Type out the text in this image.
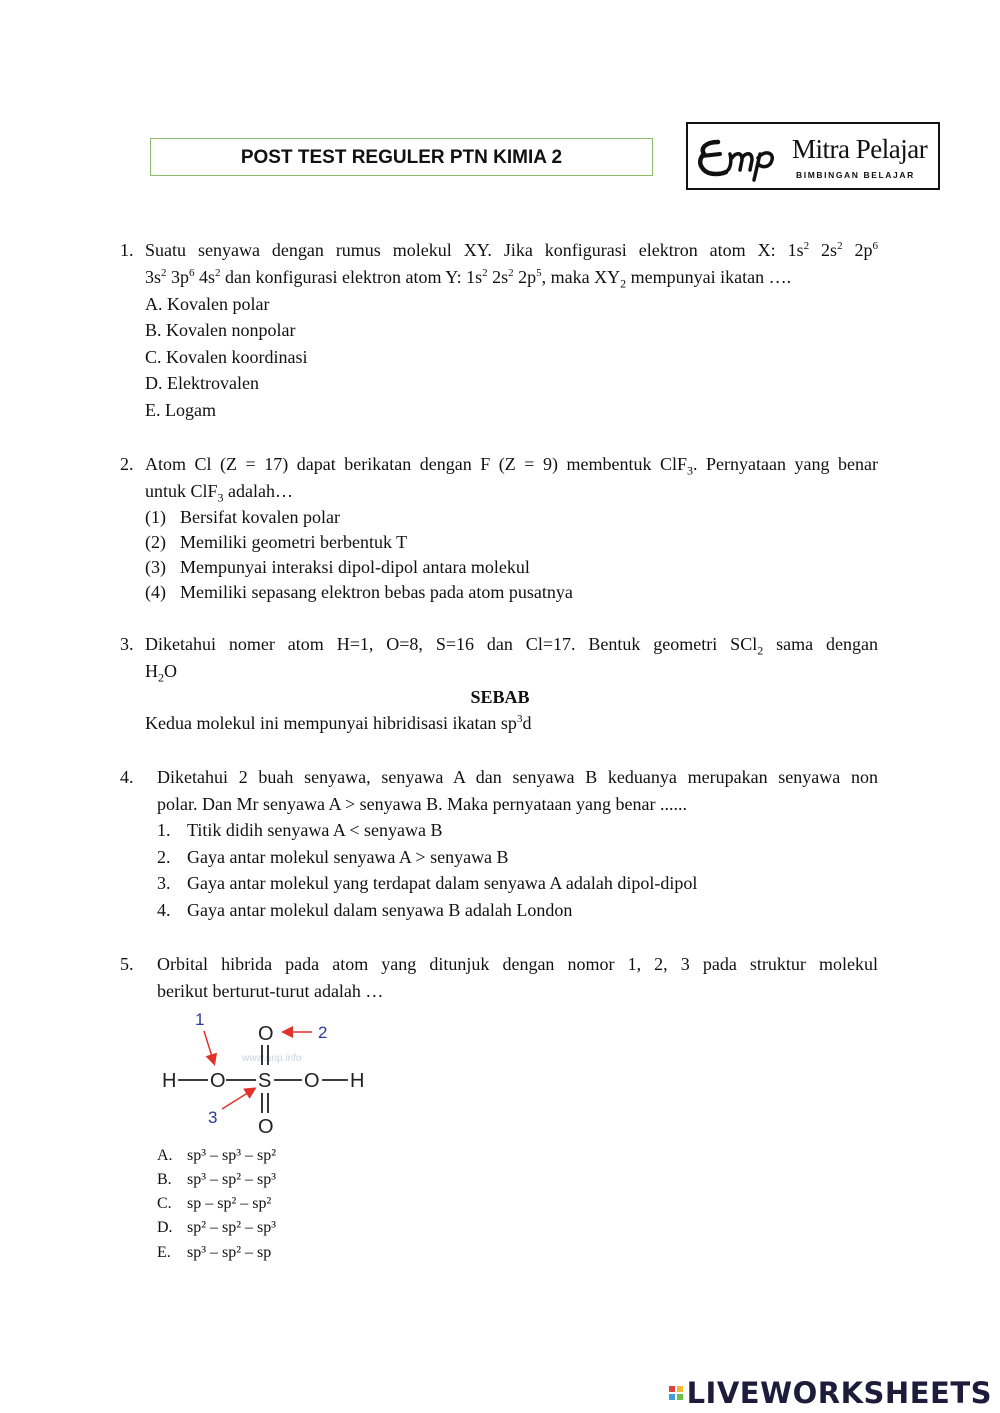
POST TEST REGULER PTN KIMIA 2	Mitra Pelajar
BIMBINGAN BELAJAR
1. Suatu senyawa dengan rumus molekul XY. Jika konfigurasi elektron atom X: $1s^2$ $2s^2$ $2p^6$
$3s^2$ $3p^6$ $4s^2$ dan konfigurasi elektron atom Y: $1s^2$ $2s^2$ $2p^5$, maka $XY_2$ mempunyai ikatan ….
A. Kovalen polar
B. Kovalen nonpolar
C. Kovalen koordinasi
D. Elektrovalen
E. Logam
2. Atom Cl (Z = 17) dapat berikatan dengan F (Z = 9) membentuk ClF$_3$. Pernyataan yang benar
untuk ClF$_3$ adalah…
(1) Bersifat kovalen polar
(2) Memiliki geometri berbentuk T
(3) Mempunyai interaksi dipol-dipol antara molekul
(4) Memiliki sepasang elektron bebas pada atom pusatnya
3. Diketahui nomer atom H=1, O=8, S=16 dan Cl=17. Bentuk geometri SCl$_2$ sama dengan
$H_2O$
SEBAB
Kedua molekul ini mempunyai hibridisasi ikatan $sp^3d$
4. Diketahui 2 buah senyawa, senyawa A dan senyawa B keduanya merupakan senyawa non
polar. Dan Mr senyawa A > senyawa B. Maka pernyataan yang benar ......
1. Titik didih senyawa A < senyawa B
2. Gaya antar molekul senyawa A > senyawa B
3. Gaya antar molekul yang terdapat dalam senyawa A adalah dipol-dipol
4. Gaya antar molekul dalam senyawa B adalah London
5. Orbital hibrida pada atom yang ditunjuk dengan nomor 1, 2, 3 pada struktur molekul
berikut berturut-turut adalah …
H O S O H
O
O
www.urip.info
1
2
3
A. sp³ – sp³ – sp²
B. sp³ – sp² – sp³
C. sp – sp² – sp²
D. sp² – sp² – sp³
E. sp³ – sp² – sp
LIVEWORKSHEETS
